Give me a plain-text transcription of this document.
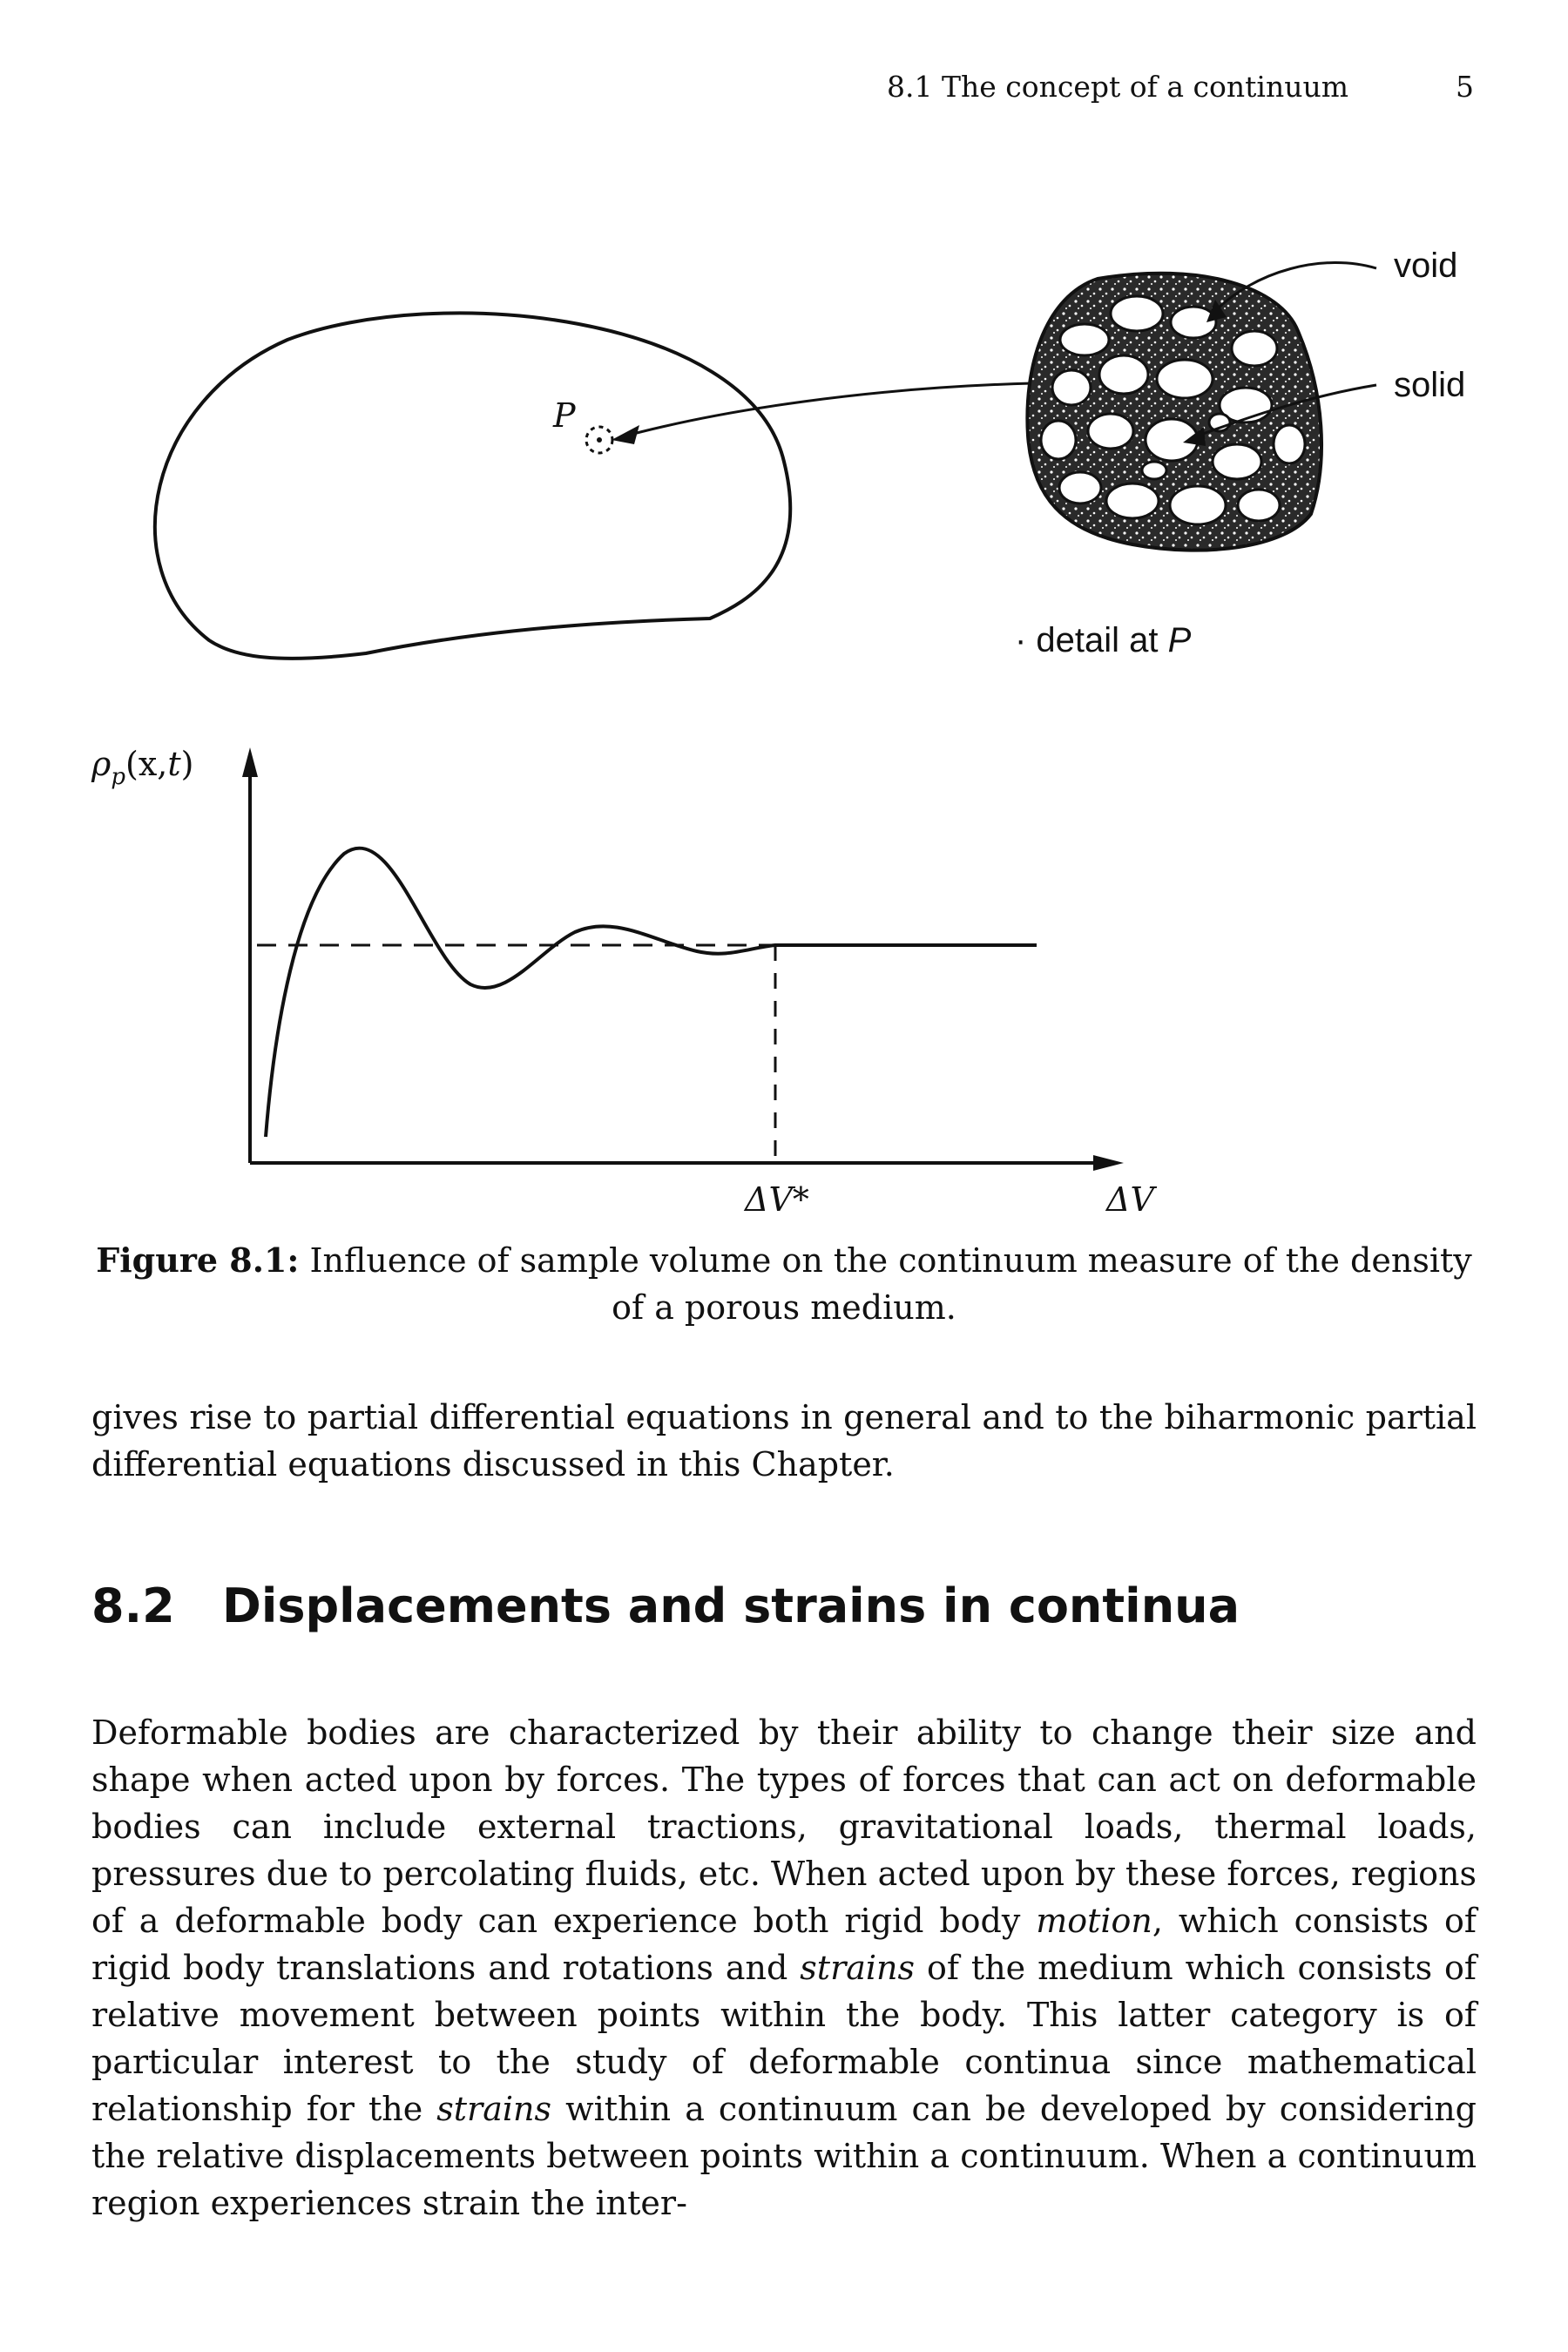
8.1 The concept of a continuum	5
P
void
solid
· detail at P
$\rho_p(x,t)$
ΔV*	ΔV
Figure 8.1: Influence of sample volume on the continuum measure of the density of a porous medium.
gives rise to partial differential equations in general and to the biharmonic partial differential equations discussed in this Chapter.
8.2 Displacements and strains in continua
Deformable bodies are characterized by their ability to change their size and shape when acted upon by forces. The types of forces that can act on deformable bodies can include external tractions, gravitational loads, thermal loads, pressures due to percolating fluids, etc. When acted upon by these forces, regions of a deformable body can experience both rigid body motion, which consists of rigid body translations and rotations and strains of the medium which consists of relative movement between points within the body. This latter category is of particular interest to the study of deformable continua since mathematical relationship for the strains within a continuum can be developed by considering the relative displacements between points within a continuum. When a continuum region experiences strain the inter-
